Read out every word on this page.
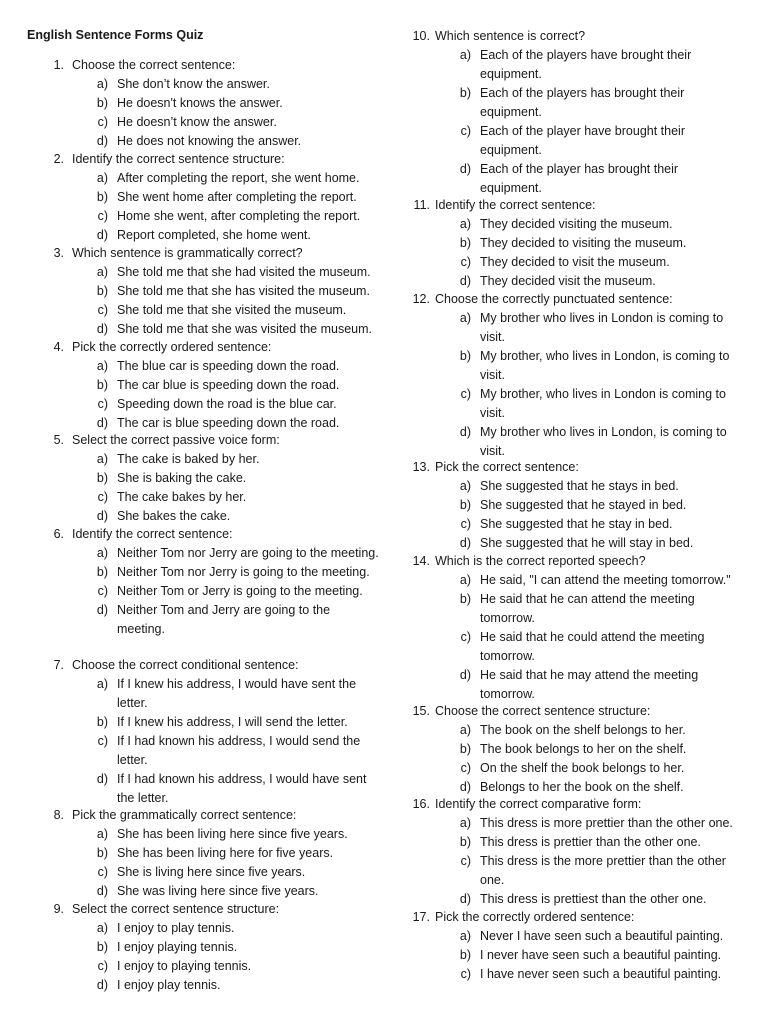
English Sentence Forms Quiz
1. Choose the correct sentence:
a) She don’t know the answer.
b) He doesn't knows the answer.
c) He doesn’t know the answer.
d) He does not knowing the answer.
2. Identify the correct sentence structure:
a) After completing the report, she went home.
b) She went home after completing the report.
c) Home she went, after completing the report.
d) Report completed, she home went.
3. Which sentence is grammatically correct?
a) She told me that she had visited the museum.
b) She told me that she has visited the museum.
c) She told me that she visited the museum.
d) She told me that she was visited the museum.
4. Pick the correctly ordered sentence:
a) The blue car is speeding down the road.
b) The car blue is speeding down the road.
c) Speeding down the road is the blue car.
d) The car is blue speeding down the road.
5. Select the correct passive voice form:
a) The cake is baked by her.
b) She is baking the cake.
c) The cake bakes by her.
d) She bakes the cake.
6. Identify the correct sentence:
a) Neither Tom nor Jerry are going to the meeting.
b) Neither Tom nor Jerry is going to the meeting.
c) Neither Tom or Jerry is going to the meeting.
d) Neither Tom and Jerry are going to the meeting.
7. Choose the correct conditional sentence:
a) If I knew his address, I would have sent the letter.
b) If I knew his address, I will send the letter.
c) If I had known his address, I would send the letter.
d) If I had known his address, I would have sent the letter.
8. Pick the grammatically correct sentence:
a) She has been living here since five years.
b) She has been living here for five years.
c) She is living here since five years.
d) She was living here since five years.
9. Select the correct sentence structure:
a) I enjoy to play tennis.
b) I enjoy playing tennis.
c) I enjoy to playing tennis.
d) I enjoy play tennis.
10. Which sentence is correct?
a) Each of the players have brought their equipment.
b) Each of the players has brought their equipment.
c) Each of the player have brought their equipment.
d) Each of the player has brought their equipment.
11. Identify the correct sentence:
a) They decided visiting the museum.
b) They decided to visiting the museum.
c) They decided to visit the museum.
d) They decided visit the museum.
12. Choose the correctly punctuated sentence:
a) My brother who lives in London is coming to visit.
b) My brother, who lives in London, is coming to visit.
c) My brother, who lives in London is coming to visit.
d) My brother who lives in London, is coming to visit.
13. Pick the correct sentence:
a) She suggested that he stays in bed.
b) She suggested that he stayed in bed.
c) She suggested that he stay in bed.
d) She suggested that he will stay in bed.
14. Which is the correct reported speech?
a) He said, "I can attend the meeting tomorrow."
b) He said that he can attend the meeting tomorrow.
c) He said that he could attend the meeting tomorrow.
d) He said that he may attend the meeting tomorrow.
15. Choose the correct sentence structure:
a) The book on the shelf belongs to her.
b) The book belongs to her on the shelf.
c) On the shelf the book belongs to her.
d) Belongs to her the book on the shelf.
16. Identify the correct comparative form:
a) This dress is more prettier than the other one.
b) This dress is prettier than the other one.
c) This dress is the more prettier than the other one.
d) This dress is prettiest than the other one.
17. Pick the correctly ordered sentence:
a) Never I have seen such a beautiful painting.
b) I never have seen such a beautiful painting.
c) I have never seen such a beautiful painting.
